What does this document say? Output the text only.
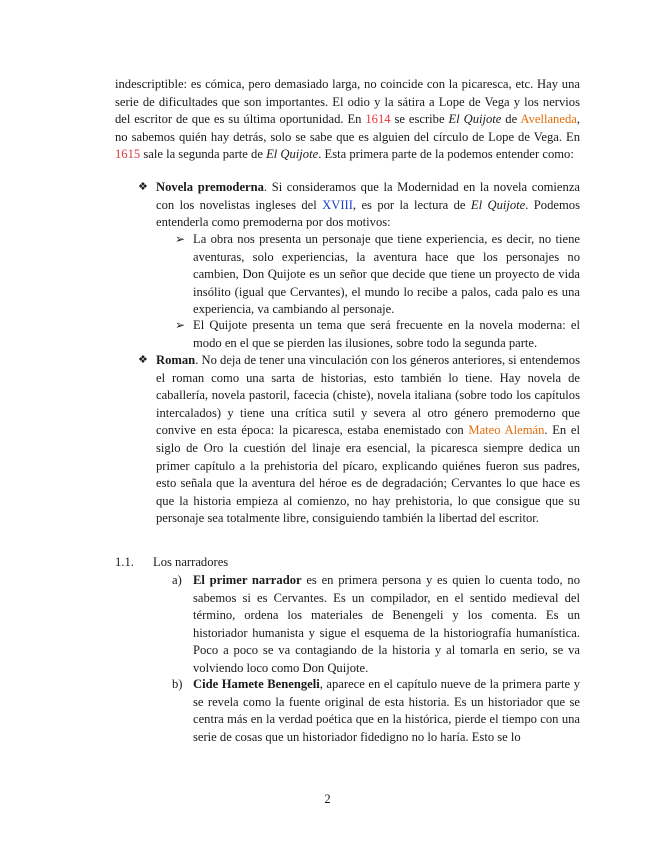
indescriptible: es cómica, pero demasiado larga, no coincide con la picaresca, etc. Hay una serie de dificultades que son importantes. El odio y la sátira a Lope de Vega y los nervios del escritor de que es su última oportunidad. En 1614 se escribe El Quijote de Avellaneda, no sabemos quién hay detrás, solo se sabe que es alguien del círculo de Lope de Vega. En 1615 sale la segunda parte de El Quijote. Esta primera parte de la podemos entender como:

❖ Novela premoderna. Si consideramos que la Modernidad en la novela comienza con los novelistas ingleses del XVIII, es por la lectura de El Quijote. Podemos entenderla como premoderna por dos motivos:

➢ La obra nos presenta un personaje que tiene experiencia, es decir, no tiene aventuras, solo experiencias, la aventura hace que los personajes no cambien, Don Quijote es un señor que decide que tiene un proyecto de vida insólito (igual que Cervantes), el mundo lo recibe a palos, cada palo es una experiencia, va cambiando al personaje.

➢ El Quijote presenta un tema que será frecuente en la novela moderna: el modo en el que se pierden las ilusiones, sobre todo la segunda parte.

❖ Roman. No deja de tener una vinculación con los géneros anteriores, si entendemos el roman como una sarta de historias, esto también lo tiene. Hay novela de caballería, novela pastoril, facecia (chiste), novela italiana (sobre todo los capítulos intercalados) y tiene una crítica sutil y severa al otro género premoderno que convive en esta época: la picaresca, estaba enemistado con Mateo Alemán. En el siglo de Oro la cuestión del linaje era esencial, la picaresca siempre dedica un primer capítulo a la prehistoria del pícaro, explicando quiénes fueron sus padres, esto señala que la aventura del héroe es de degradación; Cervantes lo que hace es que la historia empieza al comienzo, no hay prehistoria, lo que consigue que su personaje sea totalmente libre, consiguiendo también la libertad del escritor.

1.1. Los narradores
a) El primer narrador es en primera persona y es quien lo cuenta todo, no sabemos si es Cervantes. Es un compilador, en el sentido medieval del término, ordena los materiales de Benengeli y los comenta. Es un historiador humanista y sigue el esquema de la historiografía humanística. Poco a poco se va contagiando de la historia y al tomarla en serio, se va volviendo loco como Don Quijote.

b) Cide Hamete Benengeli, aparece en el capítulo nueve de la primera parte y se revela como la fuente original de esta historia. Es un historiador que se centra más en la verdad poética que en la histórica, pierde el tiempo con una serie de cosas que un historiador fidedigno no lo haría. Esto se lo

2
